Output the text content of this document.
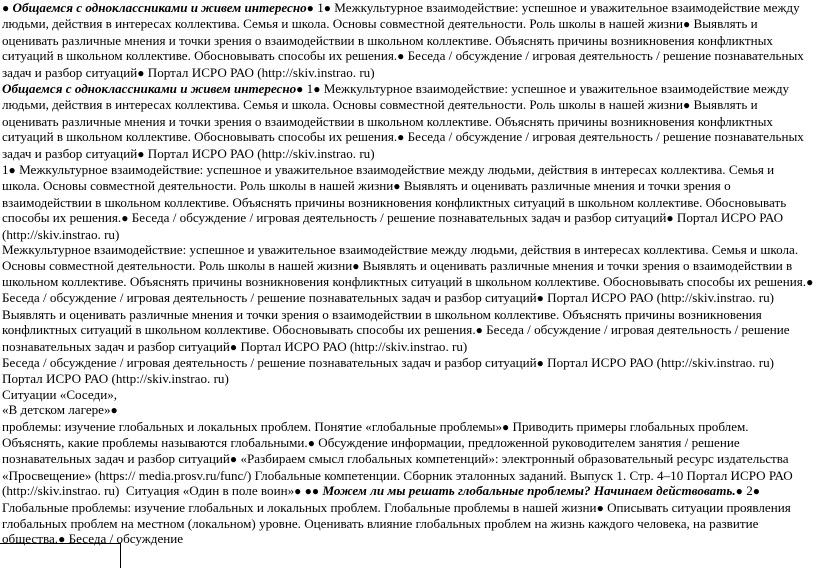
● Общаемся с одноклассниками и живем интересно● 1● Межкультурное взаимодействие: успешное и уважительное взаимодействие между людьми, действия в интересах коллектива. Семья и школа. Основы совместной деятельности. Роль школы в нашей жизни● Выявлять и оценивать различные мнения и точки зрения о взаимодействии в школьном коллективе. Объяснять причины возникновения конфликтных ситуаций в школьном коллективе. Обосновывать способы их решения.● Беседа / обсуждение / игровая деятельность / решение познавательных задач и разбор ситуаций● Портал ИСРО РАО (http://skiv.instrao. ru)

Общаемся с одноклассниками и живем интересно● 1● Межкультурное взаимодействие: успешное и уважительное взаимодействие между людьми, действия в интересах коллектива. Семья и школа. Основы совместной деятельности. Роль школы в нашей жизни● Выявлять и оценивать различные мнения и точки зрения о взаимодействии в школьном коллективе. Объяснять причины возникновения конфликтных ситуаций в школьном коллективе. Обосновывать способы их решения.● Беседа / обсуждение / игровая деятельность / решение познавательных задач и разбор ситуаций● Портал ИСРО РАО (http://skiv.instrao. ru)

1● Межкультурное взаимодействие: успешное и уважительное взаимодействие между людьми, действия в интересах коллектива. Семья и школа. Основы совместной деятельности. Роль школы в нашей жизни● Выявлять и оценивать различные мнения и точки зрения о взаимодействии в школьном коллективе. Объяснять причины возникновения конфликтных ситуаций в школьном коллективе. Обосновывать способы их решения.● Беседа / обсуждение / игровая деятельность / решение познавательных задач и разбор ситуаций● Портал ИСРО РАО (http://skiv.instrao. ru)

Межкультурное взаимодействие: успешное и уважительное взаимодействие между людьми, действия в интересах коллектива. Семья и школа. Основы совместной деятельности. Роль школы в нашей жизни● Выявлять и оценивать различные мнения и точки зрения о взаимодействии в школьном коллективе. Объяснять причины возникновения конфликтных ситуаций в школьном коллективе. Обосновывать способы их решения.● Беседа / обсуждение / игровая деятельность / решение познавательных задач и разбор ситуаций● Портал ИСРО РАО (http://skiv.instrao. ru)

Выявлять и оценивать различные мнения и точки зрения о взаимодействии в школьном коллективе. Объяснять причины возникновения конфликтных ситуаций в школьном коллективе. Обосновывать способы их решения.● Беседа / обсуждение / игровая деятельность / решение познавательных задач и разбор ситуаций● Портал ИСРО РАО (http://skiv.instrao. ru)

Беседа / обсуждение / игровая деятельность / решение познавательных задач и разбор ситуаций● Портал ИСРО РАО (http://skiv.instrao. ru)

Портал ИСРО РАО (http://skiv.instrao. ru)

Ситуации «Соседи»,

«В детском лагере»●

проблемы: изучение глобальных и локальных проблем. Понятие «глобальные проблемы»● Приводить примеры глобальных проблем. Объяснять, какие проблемы называются глобальными.● Обсуждение информации, предложенной руководителем занятия / решение познавательных задач и разбор ситуаций● «Разбираем смысл глобальных компетенций»: электронный образовательный ресурс издательства «Просвещение» (https:// media.prosv.ru/func/) Глобальные компетенции. Сборник эталонных заданий. Выпуск 1. Стр. 4–10 Портал ИСРО РАО (http://skiv.instrao. ru) Ситуация «Один в поле воин»● ●● Можем ли мы решать глобальные проблемы? Начинаем действовать.● 2● Глобальные проблемы: изучение глобальных и локальных проблем. Глобальные проблемы в нашей жизни● Описывать ситуации проявления глобальных проблем на местном (локальном) уровне. Оценивать влияние глобальных проблем на жизнь каждого человека, на развитие общества.● Беседа / обсуждение
